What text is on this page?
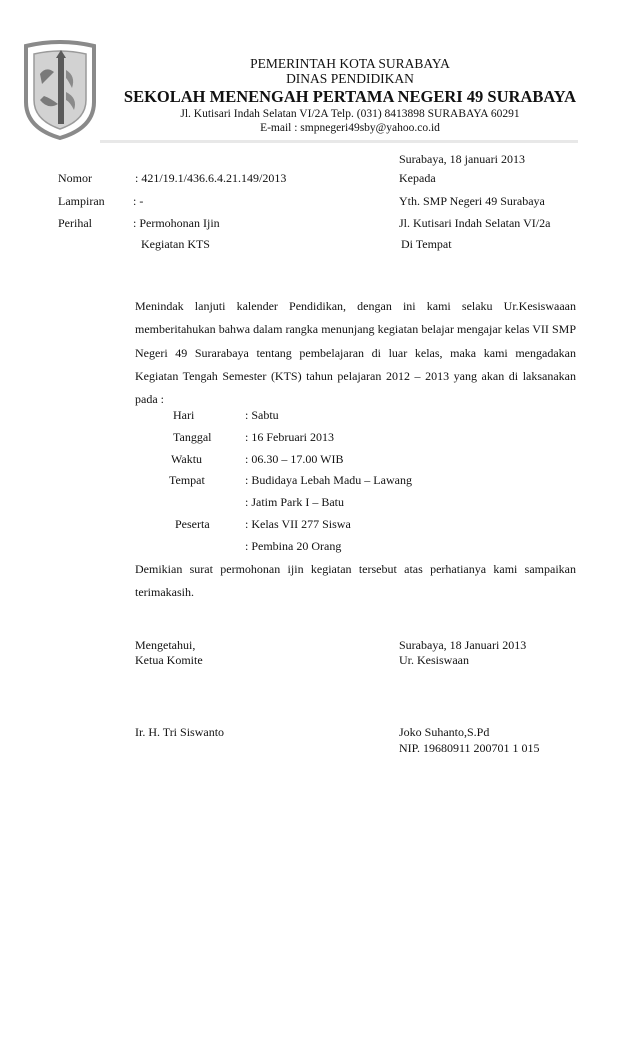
PEMERINTAH KOTA SURABAYA
DINAS PENDIDIKAN
SEKOLAH MENENGAH PERTAMA NEGERI 49 SURABAYA
Jl. Kutisari Indah Selatan VI/2A Telp. (031) 8413898 SURABAYA 60291
E-mail : smpnegeri49sby@yahoo.co.id
Surabaya, 18 januari 2013
Nomor	: 421/19.1/436.6.4.21.149/2013	Kepada
Lampiran : -	Yth. SMP Negeri 49 Surabaya
Perihal	: Permohonan Ijin	Jl. Kutisari Indah Selatan VI/2a
Kegiatan KTS	Di Tempat
Menindak lanjuti kalender Pendidikan, dengan ini kami selaku Ur.Kesiswaaan memberitahukan bahwa dalam rangka menunjang kegiatan belajar mengajar kelas VII SMP Negeri 49 Surarabaya tentang pembelajaran di luar kelas, maka kami mengadakan Kegiatan Tengah Semester (KTS) tahun pelajaran 2012 – 2013 yang akan di laksanakan pada :
Hari	: Sabtu
Tanggal	: 16 Februari 2013
Waktu	: 06.30 – 17.00 WIB
Tempat	: Budidaya Lebah Madu – Lawang
: Jatim Park I – Batu
Peserta	: Kelas VII 277 Siswa
: Pembina 20 Orang
Demikian surat permohonan ijin kegiatan tersebut atas perhatianya kami sampaikan terimakasih.
Mengetahui,
Ketua Komite
Surabaya, 18 Januari 2013
Ur. Kesiswaan
Ir. H. Tri Siswanto	Joko Suhanto,S.Pd
NIP. 19680911 200701 1 015
